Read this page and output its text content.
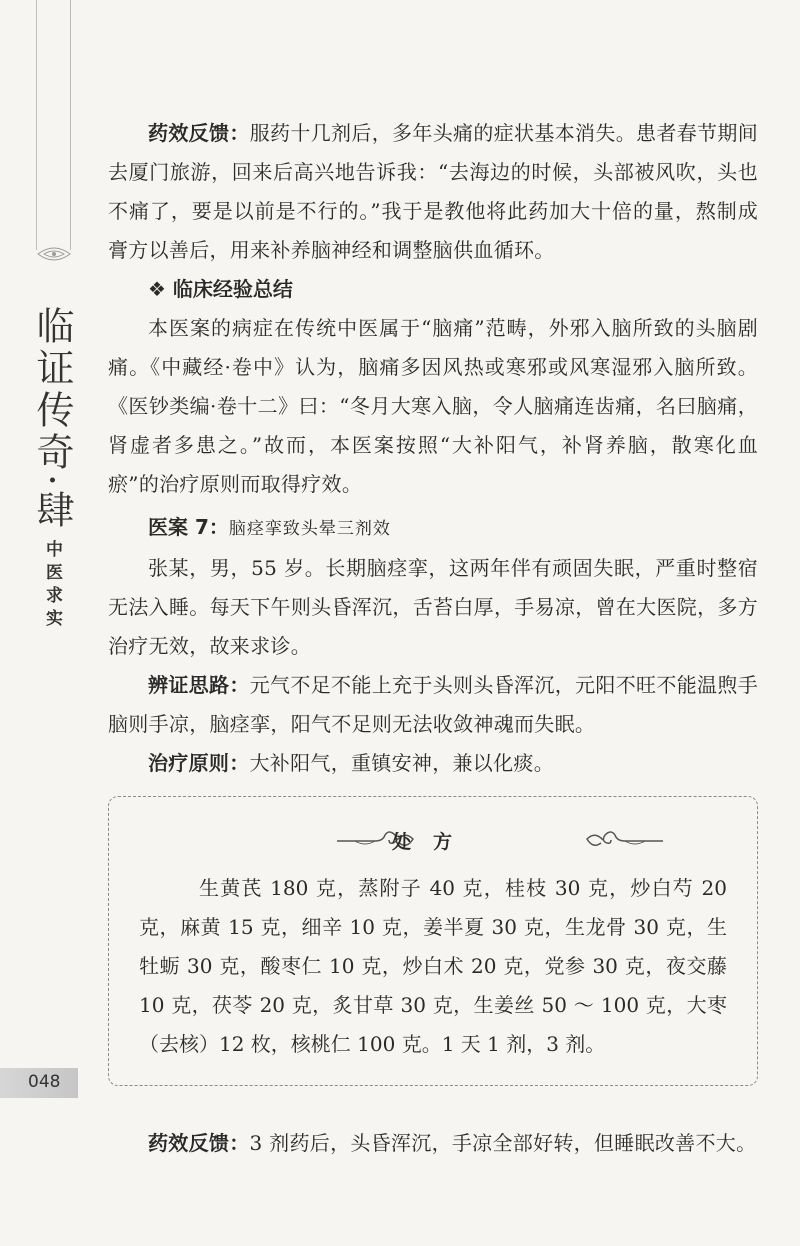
临证传奇·肆
中医求实
048

药效反馈：服药十几剂后，多年头痛的症状基本消失。患者春节期间去厦门旅游，回来后高兴地告诉我：“去海边的时候，头部被风吹，头也不痛了，要是以前是不行的。”我于是教他将此药加大十倍的量，熬制成膏方以善后，用来补养脑神经和调整脑供血循环。

❖ 临床经验总结

本医案的病症在传统中医属于“脑痛”范畴，外邪入脑所致的头脑剧痛。《中藏经·卷中》认为，脑痛多因风热或寒邪或风寒湿邪入脑所致。《医钞类编·卷十二》曰：“冬月大寒入脑，令人脑痛连齿痛，名曰脑痛，肾虚者多患之。”故而，本医案按照“大补阳气，补肾养脑，散寒化血瘀”的治疗原则而取得疗效。

医案 7：脑痉挛致头晕三剂效

张某，男，55 岁。长期脑痉挛，这两年伴有顽固失眠，严重时整宿无法入睡。每天下午则头昏浑沉，舌苔白厚，手易凉，曾在大医院，多方治疗无效，故来求诊。

辨证思路：元气不足不能上充于头则头昏浑沉，元阳不旺不能温煦手脑则手凉，脑痉挛，阳气不足则无法收敛神魂而失眠。

治疗原则：大补阳气，重镇安神，兼以化痰。

处方

生黄芪 180 克，蒸附子 40 克，桂枝 30 克，炒白芍 20 克，麻黄 15 克，细辛 10 克，姜半夏 30 克，生龙骨 30 克，生牡蛎 30 克，酸枣仁 10 克，炒白术 20 克，党参 30 克，夜交藤 10 克，茯苓 20 克，炙甘草 30 克，生姜丝 50 ～ 100 克，大枣（去核）12 枚，核桃仁 100 克。1 天 1 剂，3 剂。

药效反馈：3 剂药后，头昏浑沉，手凉全部好转，但睡眠改善不大。
